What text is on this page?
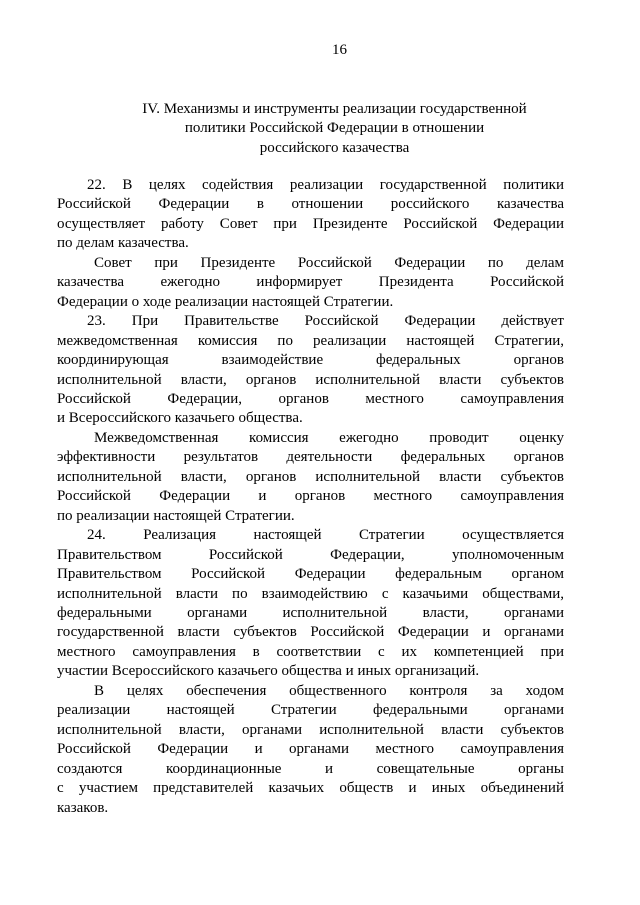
16
IV. Механизмы и инструменты реализации государственной
политики Российской Федерации в отношении
российского казачества
22. В целях содействия реализации государственной политики
Российской Федерации в отношении российского казачества
осуществляет работу Совет при Президенте Российской Федерации
по делам казачества.
Совет при Президенте Российской Федерации по делам
казачества ежегодно информирует Президента Российской
Федерации о ходе реализации настоящей Стратегии.
23. При Правительстве Российской Федерации действует
межведомственная комиссия по реализации настоящей Стратегии,
координирующая взаимодействие федеральных органов
исполнительной власти, органов исполнительной власти субъектов
Российской Федерации, органов местного самоуправления
и Всероссийского казачьего общества.
Межведомственная комиссия ежегодно проводит оценку
эффективности результатов деятельности федеральных органов
исполнительной власти, органов исполнительной власти субъектов
Российской Федерации и органов местного самоуправления
по реализации настоящей Стратегии.
24. Реализация настоящей Стратегии осуществляется
Правительством Российской Федерации, уполномоченным
Правительством Российской Федерации федеральным органом
исполнительной власти по взаимодействию с казачьими обществами,
федеральными органами исполнительной власти, органами
государственной власти субъектов Российской Федерации и органами
местного самоуправления в соответствии с их компетенцией при
участии Всероссийского казачьего общества и иных организаций.
В целях обеспечения общественного контроля за ходом
реализации настоящей Стратегии федеральными органами
исполнительной власти, органами исполнительной власти субъектов
Российской Федерации и органами местного самоуправления
создаются координационные и совещательные органы
с участием представителей казачьих обществ и иных объединений
казаков.
